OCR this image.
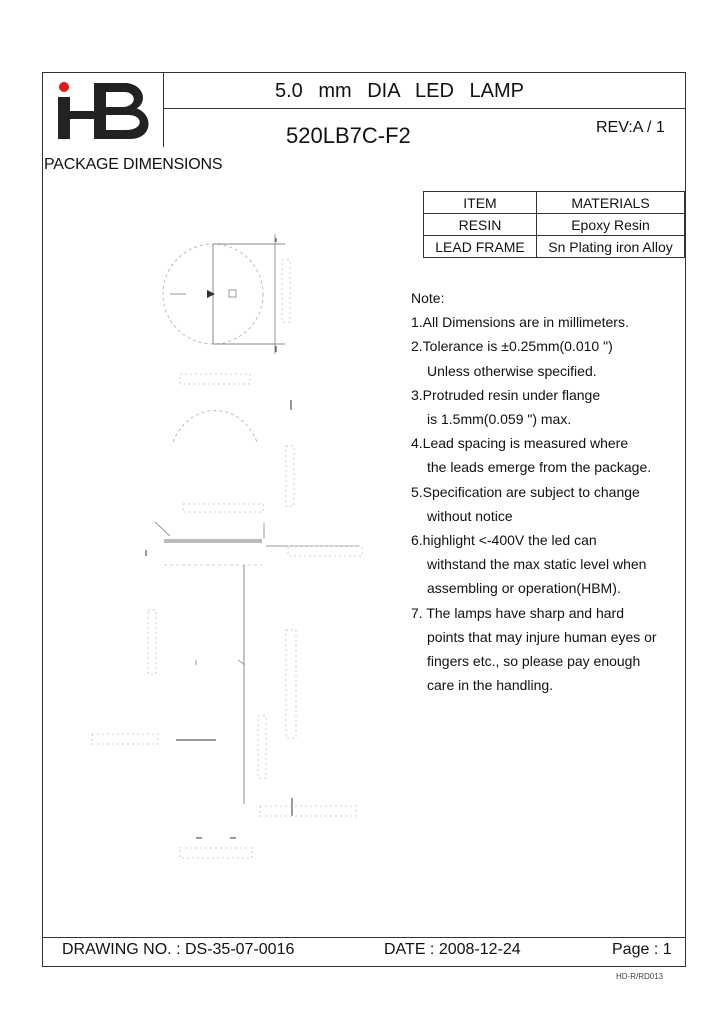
5.0 mm DIA LED LAMP
520LB7C-F2	REV:A / 1
PACKAGE DIMENSIONS
ITEM	MATERIALS
RESIN	Epoxy Resin
LEAD FRAME	Sn Plating iron Alloy
Note:
1.All Dimensions are in millimeters.
2.Tolerance is ±0.25mm(0.010 ")
Unless otherwise specified.
3.Protruded resin under flange
is 1.5mm(0.059 ") max.
4.Lead spacing is measured where
the leads emerge from the package.
5.Specification are subject to change
without notice
6.highlight <-400V the led can
withstand the max static level when
assembling or operation(HBM).
7. The lamps have sharp and hard
points that may injure human eyes or
fingers etc., so please pay enough
care in the handling.
DRAWING NO. : DS-35-07-0016	DATE : 2008-12-24	Page : 1
HD-R/RD013
